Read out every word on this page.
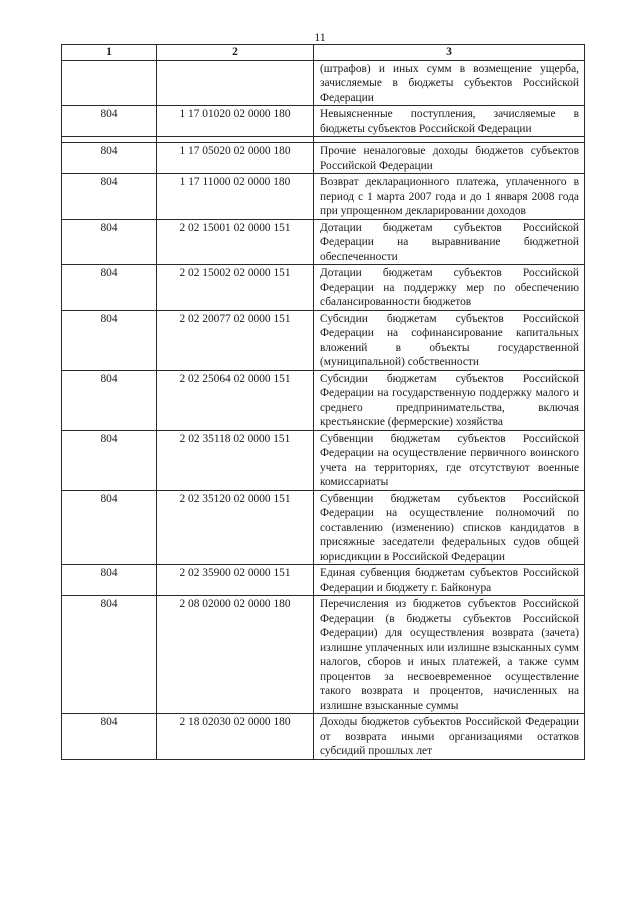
11
1	2	3
		(штрафов) и иных сумм в возмещение ущерба, зачисляемые в бюджеты субъектов Российской Федерации
804	1 17 01020 02 0000 180	Невыясненные поступления, зачисляемые в бюджеты субъектов Российской Федерации

804	1 17 05020 02 0000 180	Прочие неналоговые доходы бюджетов субъектов Российской Федерации
804	1 17 11000 02 0000 180	Возврат декларационного платежа, уплаченного в период с 1 марта 2007 года и до 1 января 2008 года при упрощенном декларировании доходов
804	2 02 15001 02 0000 151	Дотации бюджетам субъектов Российской Федерации на выравнивание бюджетной обеспеченности
804	2 02 15002 02 0000 151	Дотации бюджетам субъектов Российской Федерации на поддержку мер по обеспечению сбалансированности бюджетов
804	2 02 20077 02 0000 151	Субсидии бюджетам субъектов Российской Федерации на софинансирование капитальных вложений в объекты государственной (муниципальной) собственности
804	2 02 25064 02 0000 151	Субсидии бюджетам субъектов Российской Федерации на государственную поддержку малого и среднего предпринимательства, включая крестьянские (фермерские) хозяйства
804	2 02 35118 02 0000 151	Субвенции бюджетам субъектов Российской Федерации на осуществление первичного воинского учета на территориях, где отсутствуют военные комиссариаты
804	2 02 35120 02 0000 151	Субвенции бюджетам субъектов Российской Федерации на осуществление полномочий по составлению (изменению) списков кандидатов в присяжные заседатели федеральных судов общей юрисдикции в Российской Федерации
804	2 02 35900 02 0000 151	Единая субвенция бюджетам субъектов Российской Федерации и бюджету г. Байконура
804	2 08 02000 02 0000 180	Перечисления из бюджетов субъектов Российской Федерации (в бюджеты субъектов Российской Федерации) для осуществления возврата (зачета) излишне уплаченных или излишне взысканных сумм налогов, сборов и иных платежей, а также сумм процентов за несвоевременное осуществление такого возврата и процентов, начисленных на излишне взысканные суммы
804	2 18 02030 02 0000 180	Доходы бюджетов субъектов Российской Федерации от возврата иными организациями остатков субсидий прошлых лет
